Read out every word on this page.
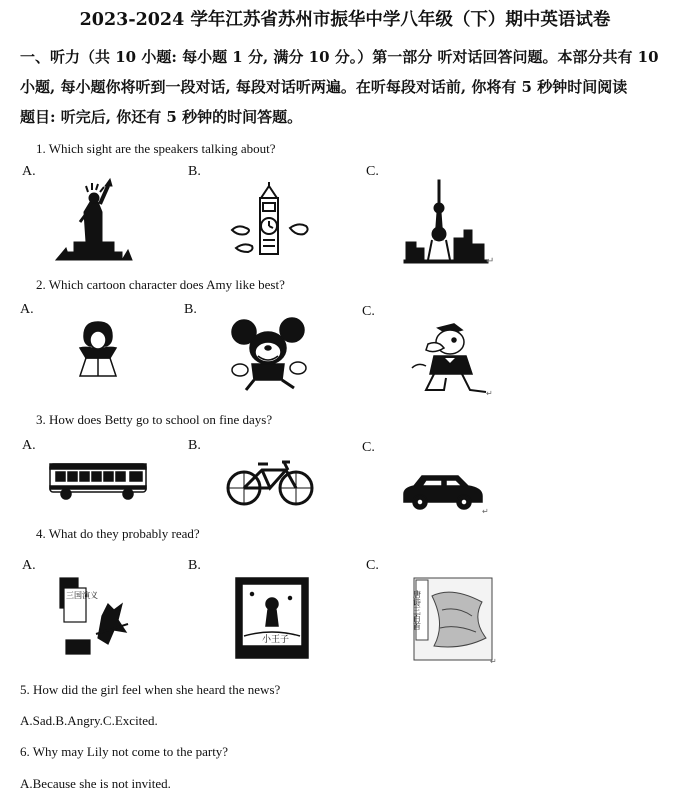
2023-2024 学年江苏省苏州市振华中学八年级（下）期中英语试卷
一、听力（共 10 小题: 每小题 1 分, 满分 10 分。）第一部分 听对话回答问题。本部分共有 10
小题, 每小题你将听到一段对话, 每段对话听两遍。在听每段对话前, 你将有 5 秒钟时间阅读
题目: 听完后, 你还有 5 秒钟的时间答题。
1. Which sight are the speakers talking about?
A.	B.	C.
↵
2. Which cartoon character does Amy like best?
A.	B.	C.
↵
3. How does Betty go to school on fine days?
A.	B.	C.
↵
4. What do they probably read?
A.	B.	C.
三国演义
小王子
唐诗三百首
↵
5. How did the girl feel when she heard the news?
A.Sad.B.Angry.C.Excited.
6. Why may Lily not come to the party?
A.Because she is not invited.
